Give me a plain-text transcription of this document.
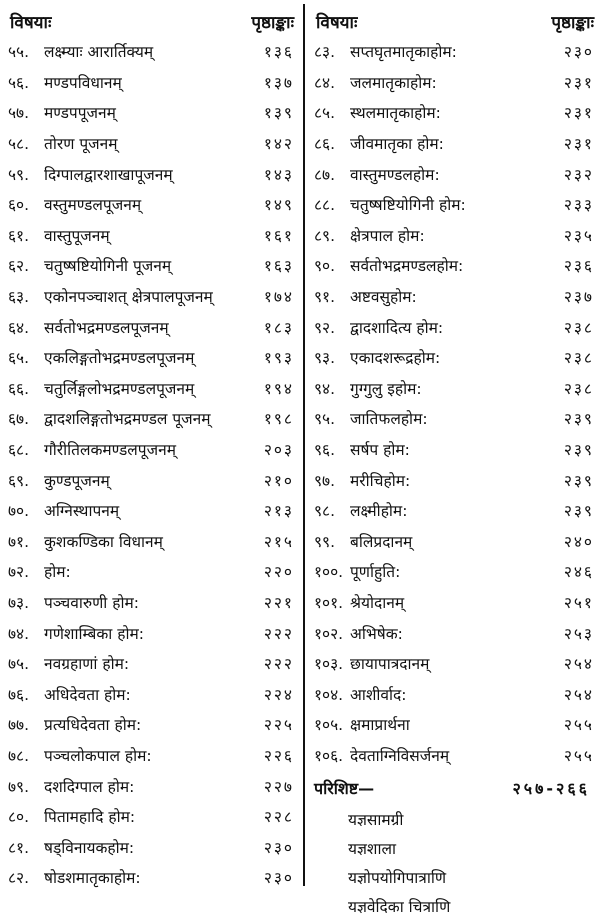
विषयाः	पृष्ठाङ्काः
५५. लक्ष्म्याः आरार्तिक्यम्	१३६
५६. मण्डपविधानम्	१३७
५७. मण्डपपूजनम्	१३९
५८. तोरण पूजनम्	१४२
५९. दिग्पालद्वारशाखापूजनम्	१४३
६०. वस्तुमण्डलपूजनम्	१४९
६१. वास्तुपूजनम्	१६१
६२. चतुष्षष्टियोगिनी पूजनम्	१६३
६३. एकोनपञ्चाशत् क्षेत्रपालपूजनम्	१७४
६४. सर्वतोभद्रमण्डलपूजनम्	१८३
६५. एकलिङ्गतोभद्रमण्डलपूजनम्	१९३
६६. चतुर्लिङ्गलोभद्रमण्डलपूजनम्	१९४
६७. द्वादशलिङ्गतोभद्रमण्डल पूजनम्	१९८
६८. गौरीतिलकमण्डलपूजनम्	२०३
६९. कुण्डपूजनम्	२१०
७०. अग्निस्थापनम्	२१३
७१. कुशकण्डिका विधानम्	२१५
७२. होम:	२२०
७३. पञ्चवारुणी होम:	२२१
७४. गणेशाम्बिका होम:	२२२
७५. नवग्रहाणां होम:	२२२
७६. अधिदेवता होम:	२२४
७७. प्रत्यधिदेवता होम:	२२५
७८. पञ्चलोकपाल होम:	२२६
७९. दशदिग्पाल होम:	२२७
८०. पितामहादि होम:	२२८
८१. षड्विनायकहोम:	२३०
८२. षोडशमातृकाहोम:	२३०
विषयाः	पृष्ठाङ्काः
८३. सप्तघृतमातृकाहोम:	२३०
८४. जलमातृकाहोम:	२३१
८५. स्थलमातृकाहोम:	२३१
८६. जीवमातृका होम:	२३१
८७. वास्तुमण्डलहोम:	२३२
८८. चतुष्षष्टियोगिनी होम:	२३३
८९. क्षेत्रपाल होम:	२३५
९०. सर्वतोभद्रमण्डलहोम:	२३६
९१. अष्टवसुहोम:	२३७
९२. द्वादशादित्य होम:	२३८
९३. एकादशरूद्रहोम:	२३८
९४. गुग्गुलु इहोम:	२३८
९५. जातिफलहोम:	२३९
९६. सर्षप होम:	२३९
९७. मरीचिहोम:	२३९
९८. लक्ष्मीहोम:	२३९
९९. बलिप्रदानम्	२४०
१००. पूर्णाहुति:	२४६
१०१. श्रेयोदानम्	२५१
१०२. अभिषेक:	२५३
१०३. छायापात्रदानम्	२५४
१०४. आशीर्वाद:	२५४
१०५. क्षमाप्रार्थना	२५५
१०६. देवताग्निविसर्जनम्	२५५
परिशिष्ट—	२५७-२६६
यज्ञसामग्री
यज्ञशाला
यज्ञोपयोगिपात्राणि
यज्ञवेदिका चित्राणि
